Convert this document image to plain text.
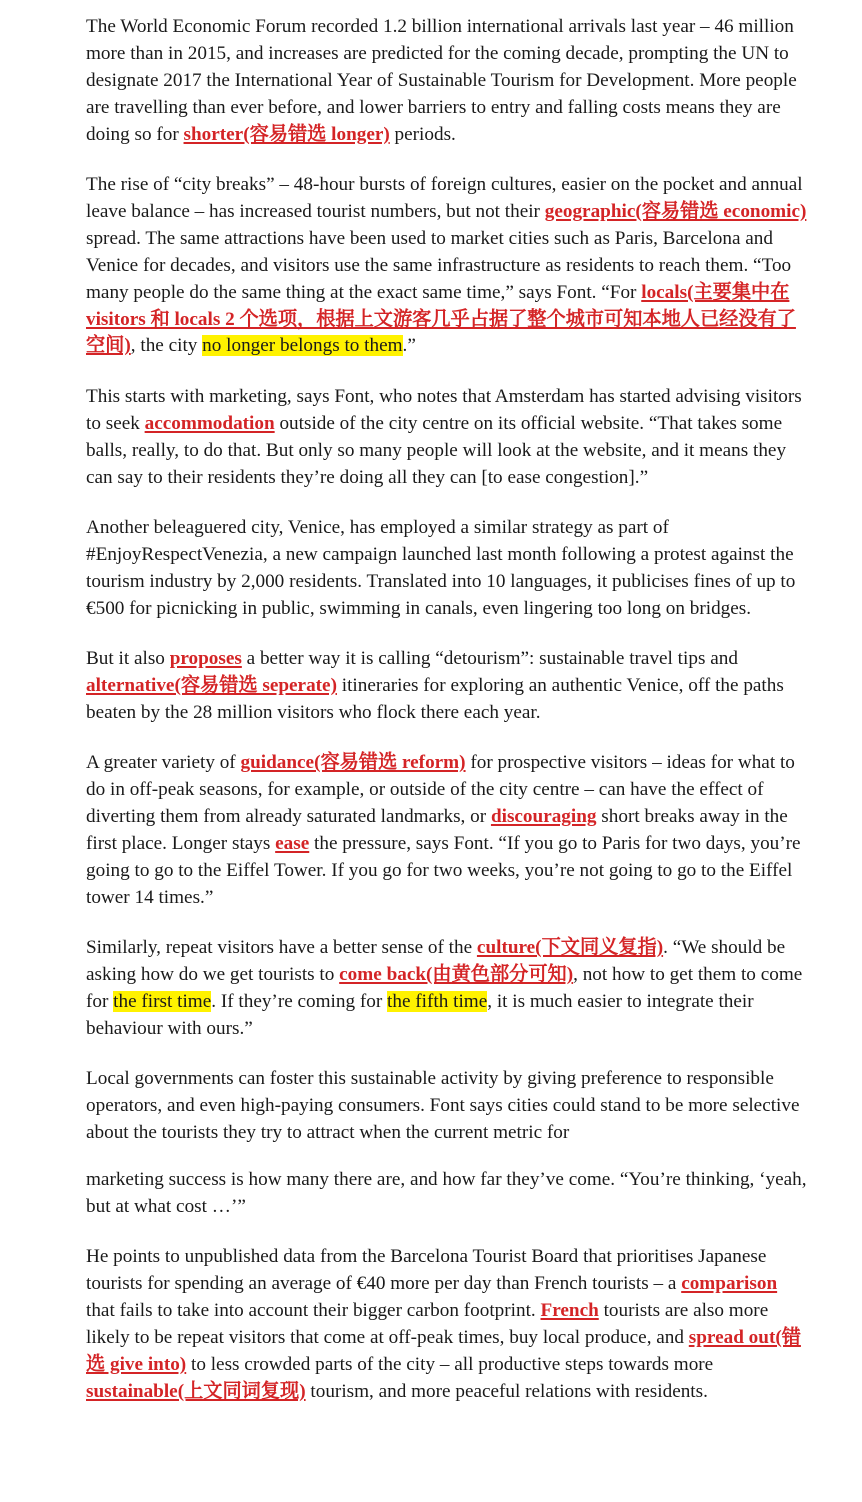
The World Economic Forum recorded 1.2 billion international arrivals last year – 46 million more than in 2015, and increases are predicted for the coming decade, prompting the UN to designate 2017 the International Year of Sustainable Tourism for Development. More people are travelling than ever before, and lower barriers to entry and falling costs means they are doing so for shorter(容易错选 longer) periods.

The rise of “city breaks” – 48-hour bursts of foreign cultures, easier on the pocket and annual leave balance – has increased tourist numbers, but not their geographic(容易错选 economic) spread. The same attractions have been used to market cities such as Paris, Barcelona and Venice for decades, and visitors use the same infrastructure as residents to reach them. “Too many people do the same thing at the exact same time,” says Font. “For locals(主要集中在 visitors 和 locals 2 个选项，根据上文游客几乎占据了整个城市可知本地人已经没有了空间), the city no longer belongs to them.”

This starts with marketing, says Font, who notes that Amsterdam has started advising visitors to seek accommodation outside of the city centre on its official website. “That takes some balls, really, to do that. But only so many people will look at the website, and it means they can say to their residents they’re doing all they can [to ease congestion].”

Another beleaguered city, Venice, has employed a similar strategy as part of #EnjoyRespectVenezia, a new campaign launched last month following a protest against the tourism industry by 2,000 residents. Translated into 10 languages, it publicises fines of up to €500 for picnicking in public, swimming in canals, even lingering too long on bridges.

But it also proposes a better way it is calling “detourism”: sustainable travel tips and alternative(容易错选 seperate) itineraries for exploring an authentic Venice, off the paths beaten by the 28 million visitors who flock there each year.

A greater variety of guidance(容易错选 reform) for prospective visitors – ideas for what to do in off-peak seasons, for example, or outside of the city centre – can have the effect of diverting them from already saturated landmarks, or discouraging short breaks away in the first place. Longer stays ease the pressure, says Font. “If you go to Paris for two days, you’re going to go to the Eiffel Tower. If you go for two weeks, you’re not going to go to the Eiffel tower 14 times.”

Similarly, repeat visitors have a better sense of the culture(下文同义复指). “We should be asking how do we get tourists to come back(由黄色部分可知), not how to get them to come for the first time. If they’re coming for the fifth time, it is much easier to integrate their behaviour with ours.”

Local governments can foster this sustainable activity by giving preference to responsible operators, and even high-paying consumers. Font says cities could stand to be more selective about the tourists they try to attract when the current metric for

marketing success is how many there are, and how far they’ve come. “You’re thinking, ‘yeah, but at what cost …’”

He points to unpublished data from the Barcelona Tourist Board that prioritises Japanese tourists for spending an average of €40 more per day than French tourists – a comparison that fails to take into account their bigger carbon footprint. French tourists are also more likely to be repeat visitors that come at off-peak times, buy local produce, and spread out(错选 give into) to less crowded parts of the city – all productive steps towards more sustainable(上文同词复现) tourism, and more peaceful relations with residents.
